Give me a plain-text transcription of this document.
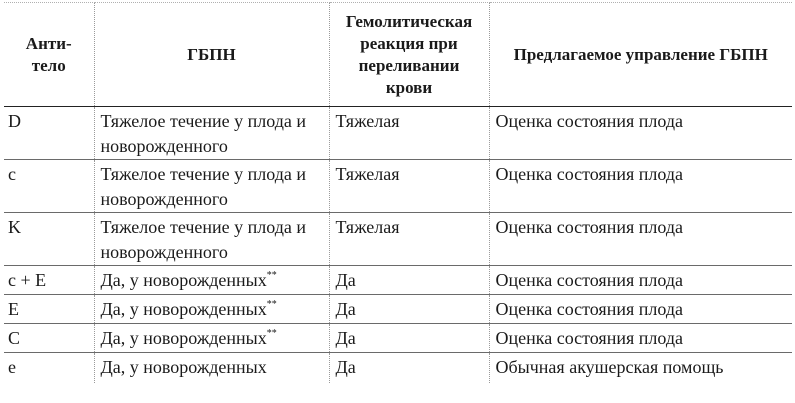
Анти-
тело	ГБПН	Гемолитическая реакция при переливании крови	Предлагаемое управление ГБПН
D	Тяжелое течение у плода и новорожденного	Тяжелая	Оценка состояния плода
c	Тяжелое течение у плода и новорожденного	Тяжелая	Оценка состояния плода
K	Тяжелое течение у плода и новорожденного	Тяжелая	Оценка состояния плода
c + E	Да, у новорожденных**	Да	Оценка состояния плода
E	Да, у новорожденных**	Да	Оценка состояния плода
C	Да, у новорожденных**	Да	Оценка состояния плода
e	Да, у новорожденных	Да	Обычная акушерская помощь
